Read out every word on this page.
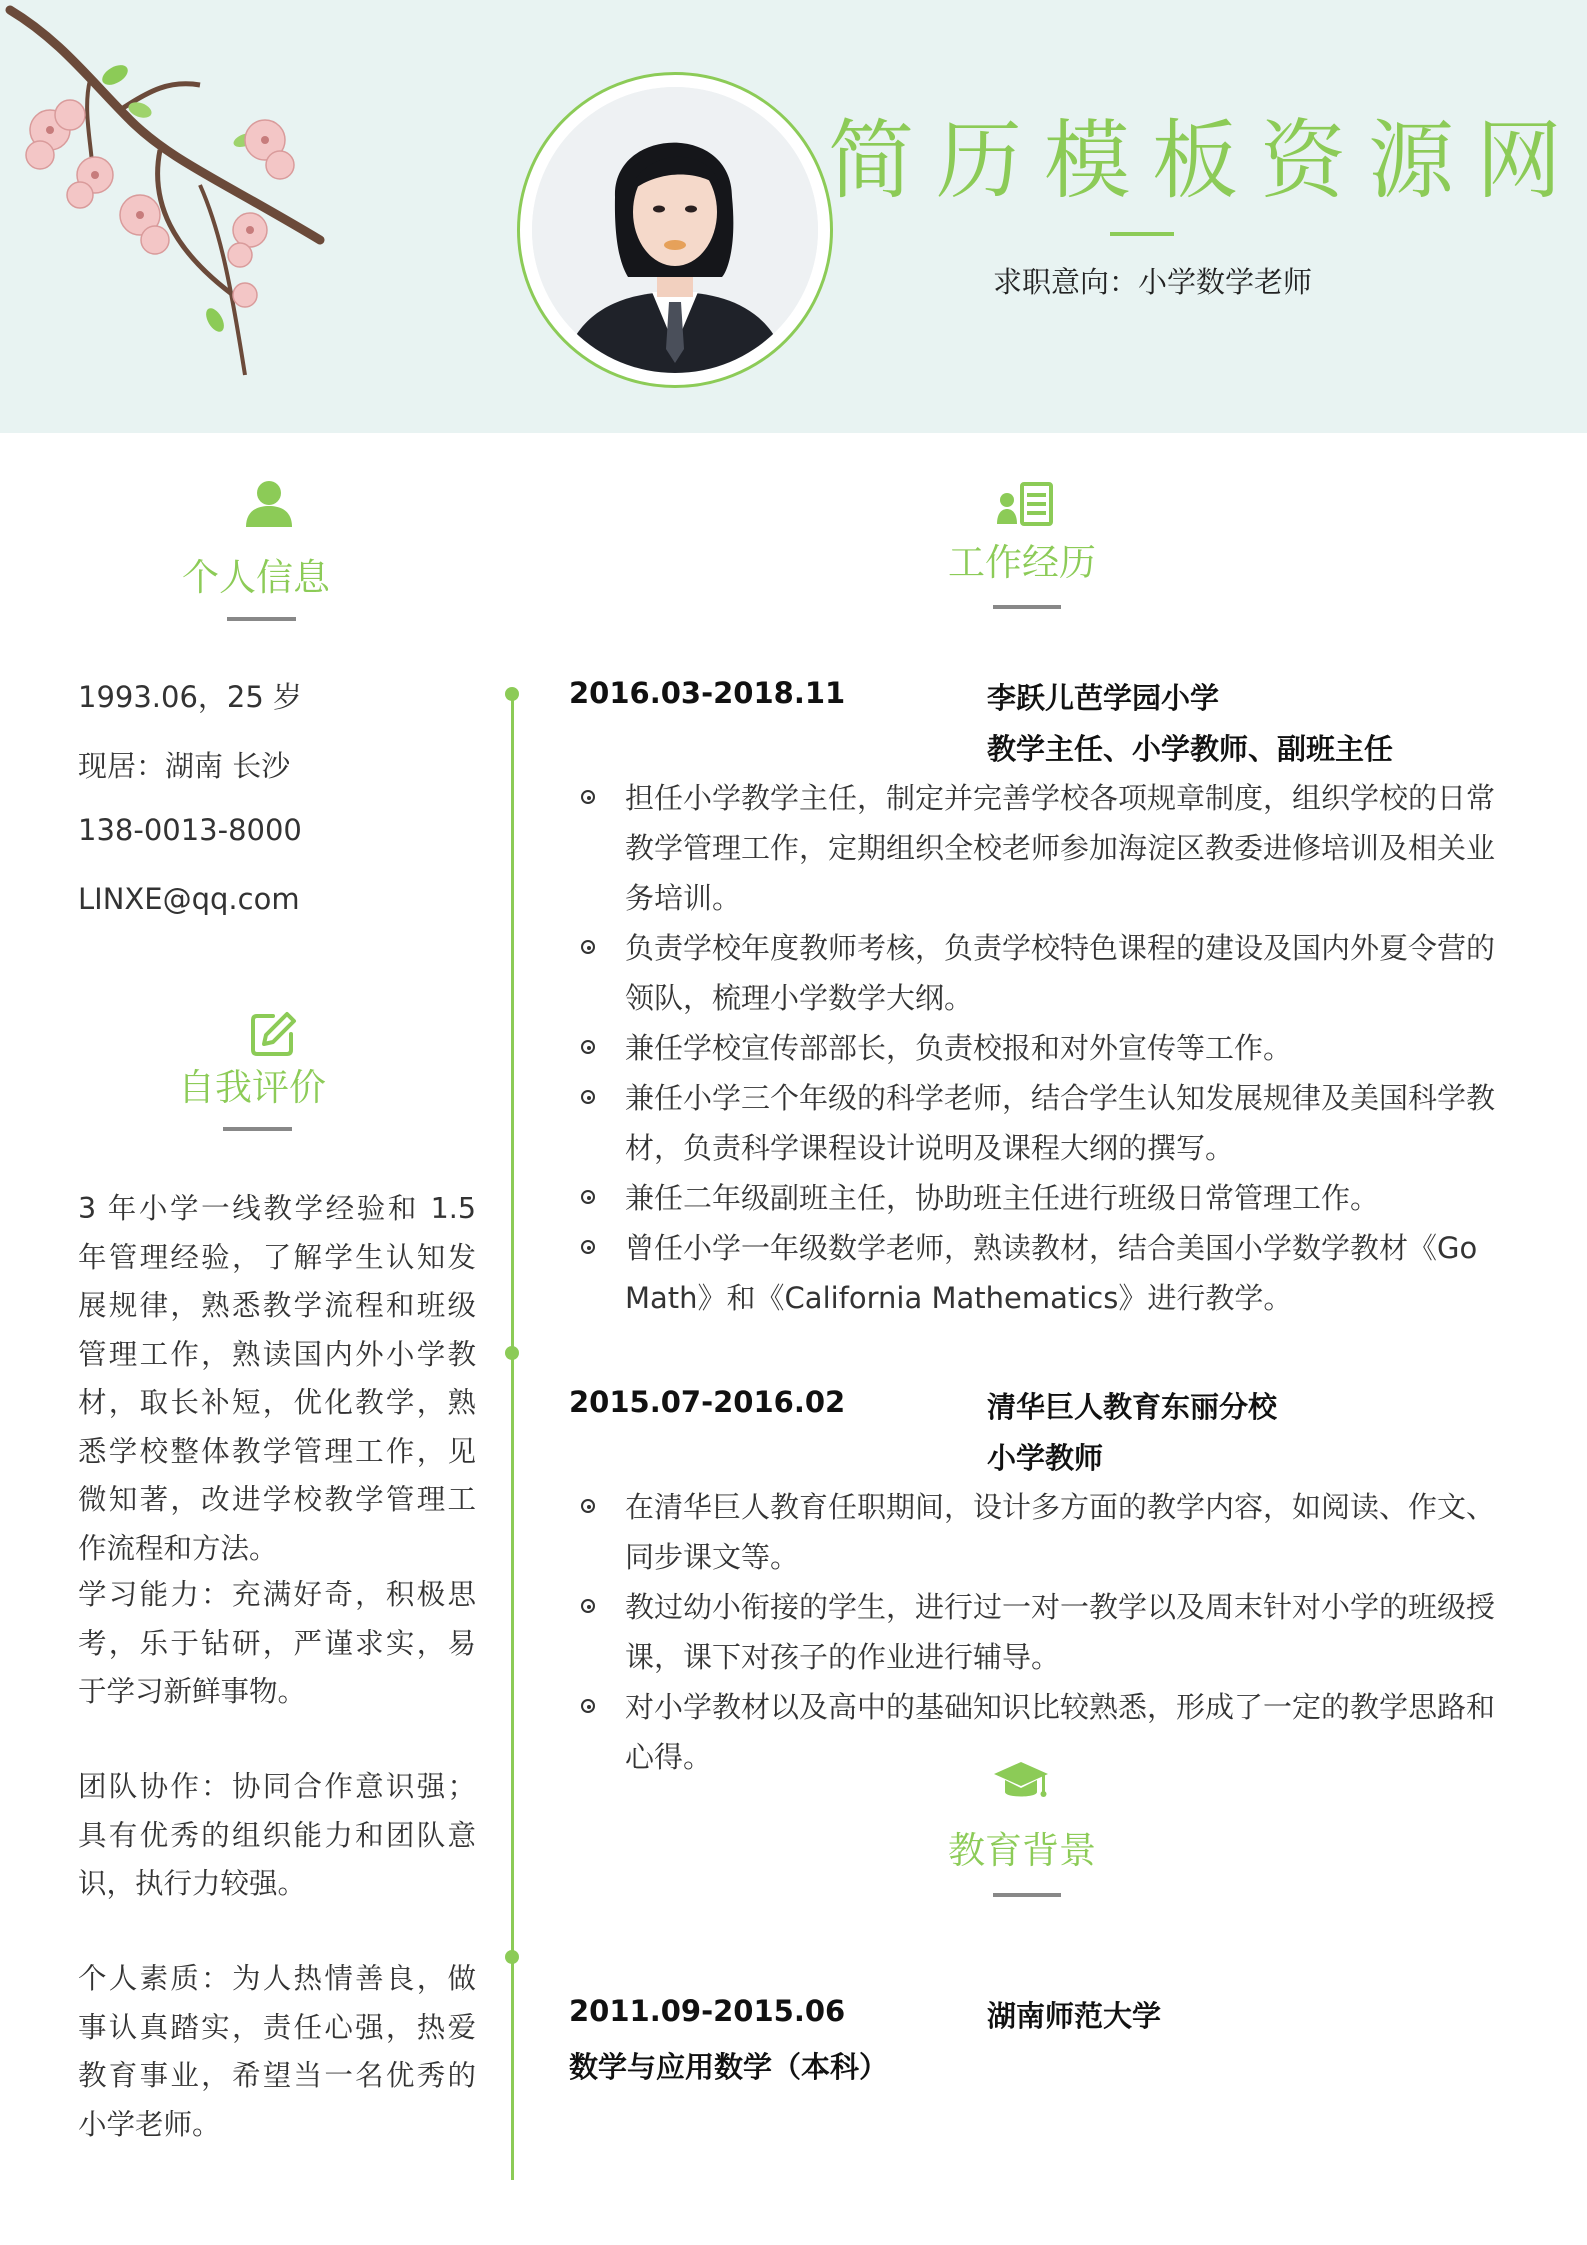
简历模板资源网
求职意向：小学数学老师
个人信息
1993.06，25 岁
现居：湖南 长沙
138-0013-8000
LINXE@qq.com
自我评价
3 年小学一线教学经验和 1.5 年管理经验，了解学生认知发展规律，熟悉教学流程和班级管理工作，熟读国内外小学教材，取长补短，优化教学，熟悉学校整体教学管理工作，见微知著，改进学校教学管理工作流程和方法。
学习能力：充满好奇，积极思考，乐于钻研，严谨求实，易于学习新鲜事物。
团队协作：协同合作意识强；具有优秀的组织能力和团队意识，执行力较强。
个人素质：为人热情善良，做事认真踏实，责任心强，热爱教育事业，希望当一名优秀的小学老师。
工作经历
2016.03-2018.11	李跃儿芭学园小学
教学主任、小学教师、副班主任
担任小学教学主任，制定并完善学校各项规章制度，组织学校的日常教学管理工作，定期组织全校老师参加海淀区教委进修培训及相关业务培训。
负责学校年度教师考核，负责学校特色课程的建设及国内外夏令营的领队，梳理小学数学大纲。
兼任学校宣传部部长，负责校报和对外宣传等工作。
兼任小学三个年级的科学老师，结合学生认知发展规律及美国科学教材，负责科学课程设计说明及课程大纲的撰写。
兼任二年级副班主任，协助班主任进行班级日常管理工作。
曾任小学一年级数学老师，熟读教材，结合美国小学数学教材《Go Math》和《California Mathematics》进行教学。
2015.07-2016.02	清华巨人教育东丽分校
小学教师
在清华巨人教育任职期间，设计多方面的教学内容，如阅读、作文、同步课文等。
教过幼小衔接的学生，进行过一对一教学以及周末针对小学的班级授课，课下对孩子的作业进行辅导。
对小学教材以及高中的基础知识比较熟悉，形成了一定的教学思路和心得。
教育背景
2011.09-2015.06	湖南师范大学
数学与应用数学（本科）
